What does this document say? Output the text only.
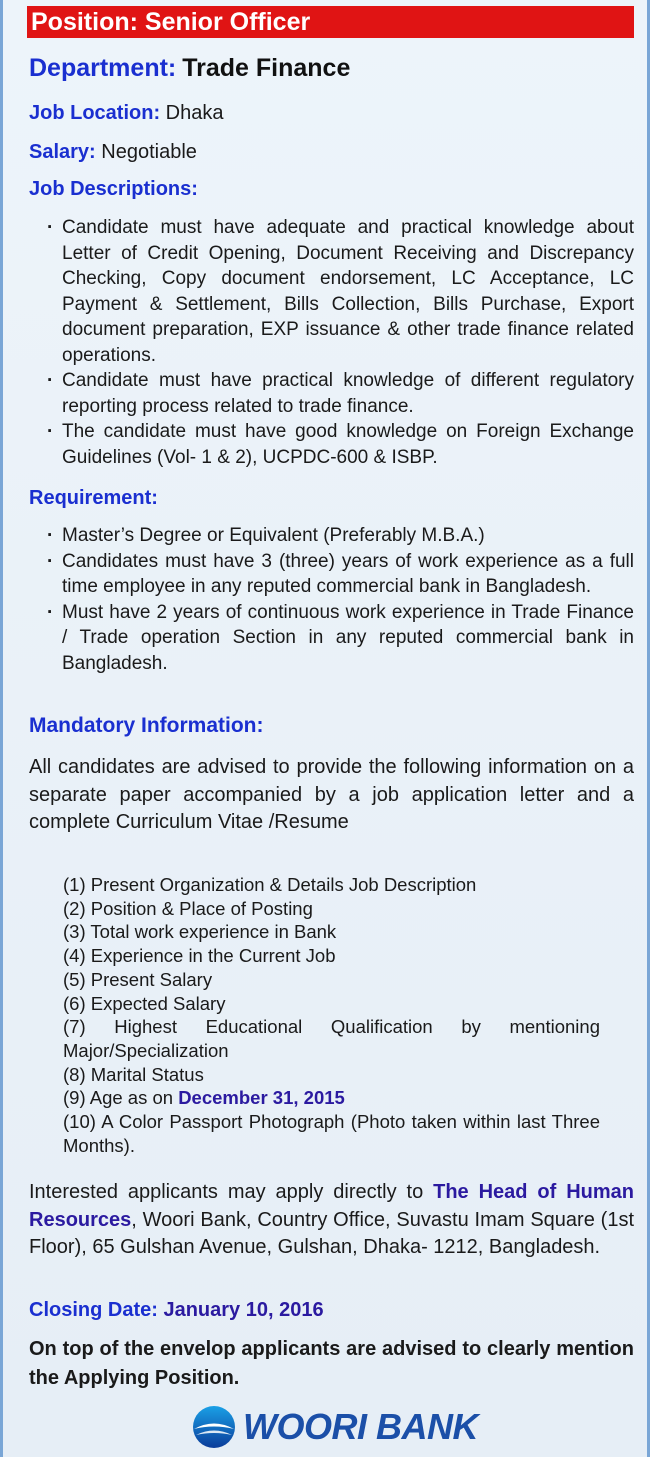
Position: Senior Officer
Department: Trade Finance
Job Location: Dhaka
Salary: Negotiable
Job Descriptions:
· Candidate must have adequate and practical knowledge about Letter of Credit Opening, Document Receiving and Discrepancy Checking, Copy document endorsement, LC Acceptance, LC Payment & Settlement, Bills Collection, Bills Purchase, Export document preparation, EXP issuance & other trade finance related operations.
· Candidate must have practical knowledge of different regulatory reporting process related to trade finance.
· The candidate must have good knowledge on Foreign Exchange Guidelines (Vol- 1 & 2), UCPDC-600 & ISBP.
Requirement:
· Master’s Degree or Equivalent (Preferably M.B.A.)
· Candidates must have 3 (three) years of work experience as a full time employee in any reputed commercial bank in Bangladesh.
· Must have 2 years of continuous work experience in Trade Finance / Trade operation Section in any reputed commercial bank in Bangladesh.
Mandatory Information:
All candidates are advised to provide the following information on a separate paper accompanied by a job application letter and a complete Curriculum Vitae /Resume
(1) Present Organization & Details Job Description
(2) Position & Place of Posting
(3) Total work experience in Bank
(4) Experience in the Current Job
(5) Present Salary
(6) Expected Salary
(7) Highest Educational Qualification by mentioning Major/Specialization
(8) Marital Status
(9) Age as on December 31, 2015
(10) A Color Passport Photograph (Photo taken within last Three Months).
Interested applicants may apply directly to The Head of Human Resources, Woori Bank, Country Office, Suvastu Imam Square (1st Floor), 65 Gulshan Avenue, Gulshan, Dhaka- 1212, Bangladesh.
Closing Date: January 10, 2016
On top of the envelop applicants are advised to clearly mention the Applying Position.
WOORI BANK
